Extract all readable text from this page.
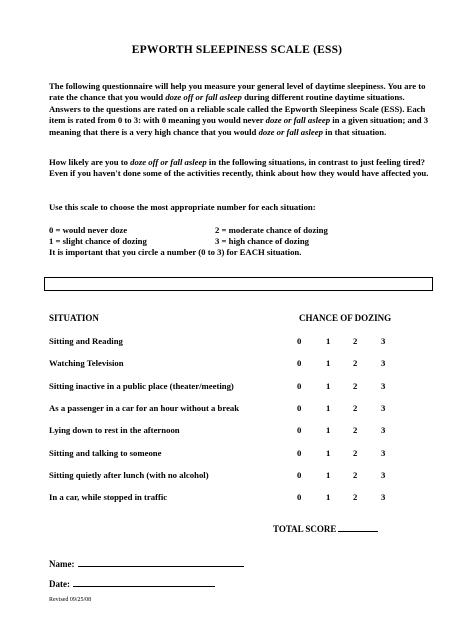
EPWORTH SLEEPINESS SCALE (ESS)
The following questionnaire will help you measure your general level of daytime sleepiness. You are to rate the chance that you would doze off or fall asleep during different routine daytime situations. Answers to the questions are rated on a reliable scale called the Epworth Sleepiness Scale (ESS). Each item is rated from 0 to 3: with 0 meaning you would never doze or fall asleep in a given situation; and 3 meaning that there is a very high chance that you would doze or fall asleep in that situation.
How likely are you to doze off or fall asleep in the following situations, in contrast to just feeling tired? Even if you haven't done some of the activities recently, think about how they would have affected you.
Use this scale to choose the most appropriate number for each situation:
0 = would never doze	2 = moderate chance of dozing
1 = slight chance of dozing	3 = high chance of dozing
It is important that you circle a number (0 to 3) for EACH situation.
SITUATION	CHANCE OF DOZING
Sitting and Reading	0	1	2	3
Watching Television	0	1	2	3
Sitting inactive in a public place (theater/meeting)	0	1	2	3
As a passenger in a car for an hour without a break	0	1	2	3
Lying down to rest in the afternoon	0	1	2	3
Sitting and talking to someone	0	1	2	3
Sitting quietly after lunch (with no alcohol)	0	1	2	3
In a car, while stopped in traffic	0	1	2	3
TOTAL SCORE
Name:
Date:
Revised 09/25/08
